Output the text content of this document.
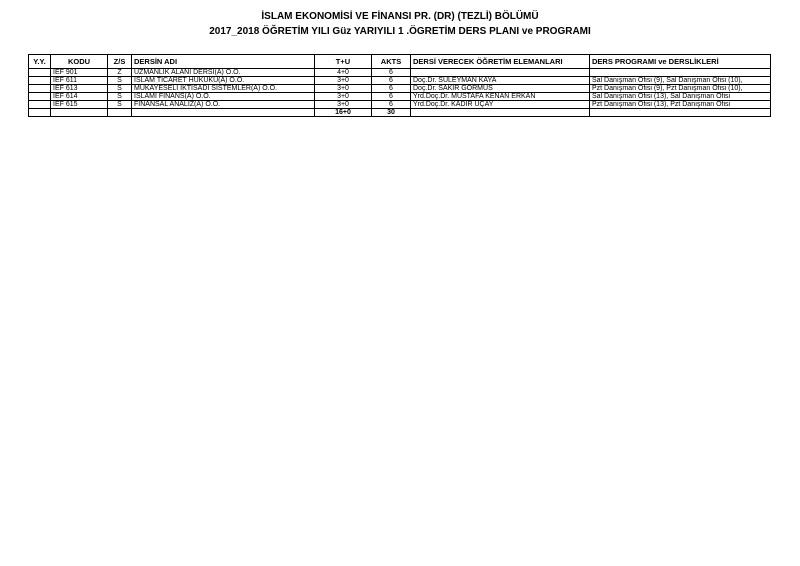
İSLAM EKONOMİSİ VE FİNANSI PR. (DR) (TEZLİ) BÖLÜMÜ
2017_2018 ÖĞRETİM YILI Güz YARIYILI 1 .ÖGRETİM DERS PLANI ve PROGRAMI
Y.Y.	KODU	Z/S	DERSİN ADI	T+U	AKTS	DERSİ VERECEK ÖĞRETİM ELEMANLARI	DERS PROGRAMI ve DERSLİKLERİ
	IEF 901	Z	UZMANLIK ALANI DERSİ(A) Ö.Ö.	4+0	6		
	IEF 611	S	İSLAM TİCARET HUKUKU(A) Ö.Ö.	3+0	6	Doç.Dr. SÜLEYMAN KAYA	Sal Danışman Ofisi (9), Sal Danışman Ofisi (10),
	IEF 613	S	MUKAYESELİ İKTİSADİ SİSTEMLER(A) Ö.Ö.	3+0	6	Doç.Dr. SAKİR GÖRMÜS	Pzt Danışman Ofisi (9), Pzt Danışman Ofisi (10),
	IEF 614	S	İSLAMİ FİNANS(A) Ö.Ö.	3+0	6	Yrd.Doç.Dr. MUSTAFA KENAN ERKAN	Sal Danışman Ofisi (13), Sal Danışman Ofisi
	IEF 615	S	FİNANSAL ANALİZ(A) Ö.Ö.	3+0	6	Yrd.Doç.Dr. KADİR ÜÇAY	Pzt Danışman Ofisi (13), Pzt Danışman Ofisi
				16+0	30		
